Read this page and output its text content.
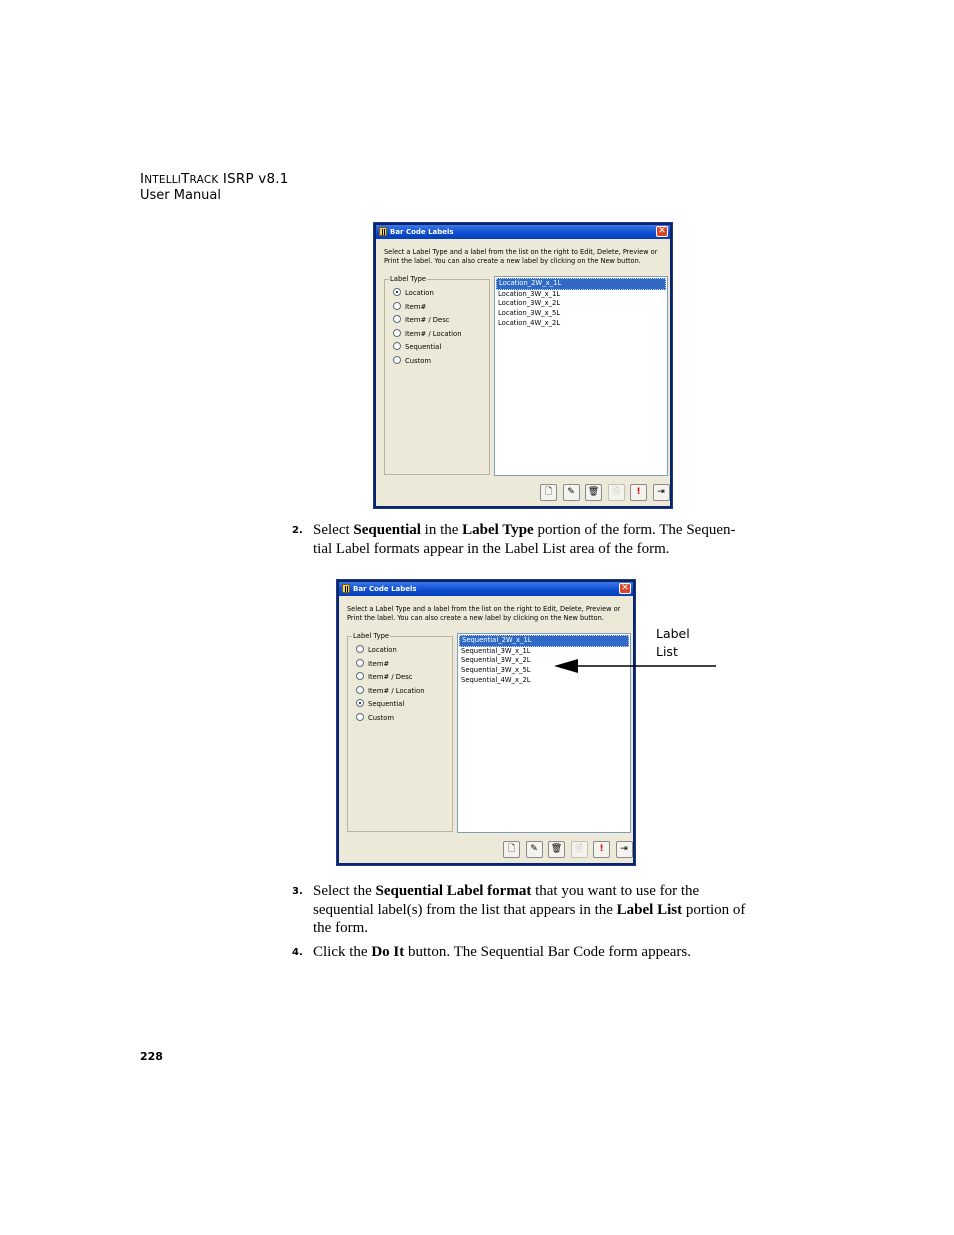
INTELLITRACK ISRP v8.1
User Manual
Bar Code Labels	✕
Select a Label Type and a label from the list on the right to Edit, Delete, Preview or Print the label. You can also create a new label by clicking on the New button.
Label Type
Location
Item#
Item# / Desc
Item# / Location
Sequential
Custom
Location_2W_x_1L
Location_3W_x_1L
Location_3W_x_2L
Location_3W_x_5L
Location_4W_x_2L
🗋	✎	🗑	🗎	!	⇥
2. Select Sequential in the Label Type portion of the form. The Sequen-tial Label formats appear in the Label List area of the form.
Bar Code Labels	✕
Select a Label Type and a label from the list on the right to Edit, Delete, Preview or Print the label. You can also create a new label by clicking on the New button.
Label Type
Location
Item#
Item# / Desc
Item# / Location
Sequential
Custom
Sequential_2W_x_1L
Sequential_3W_x_1L
Sequential_3W_x_2L
Sequential_3W_x_5L
Sequential_4W_x_2L
🗋	✎	🗑	🗎	!	⇥
Label
List
3. Select the Sequential Label format that you want to use for the sequential label(s) from the list that appears in the Label List portion of the form.
4. Click the Do It button. The Sequential Bar Code form appears.
228
